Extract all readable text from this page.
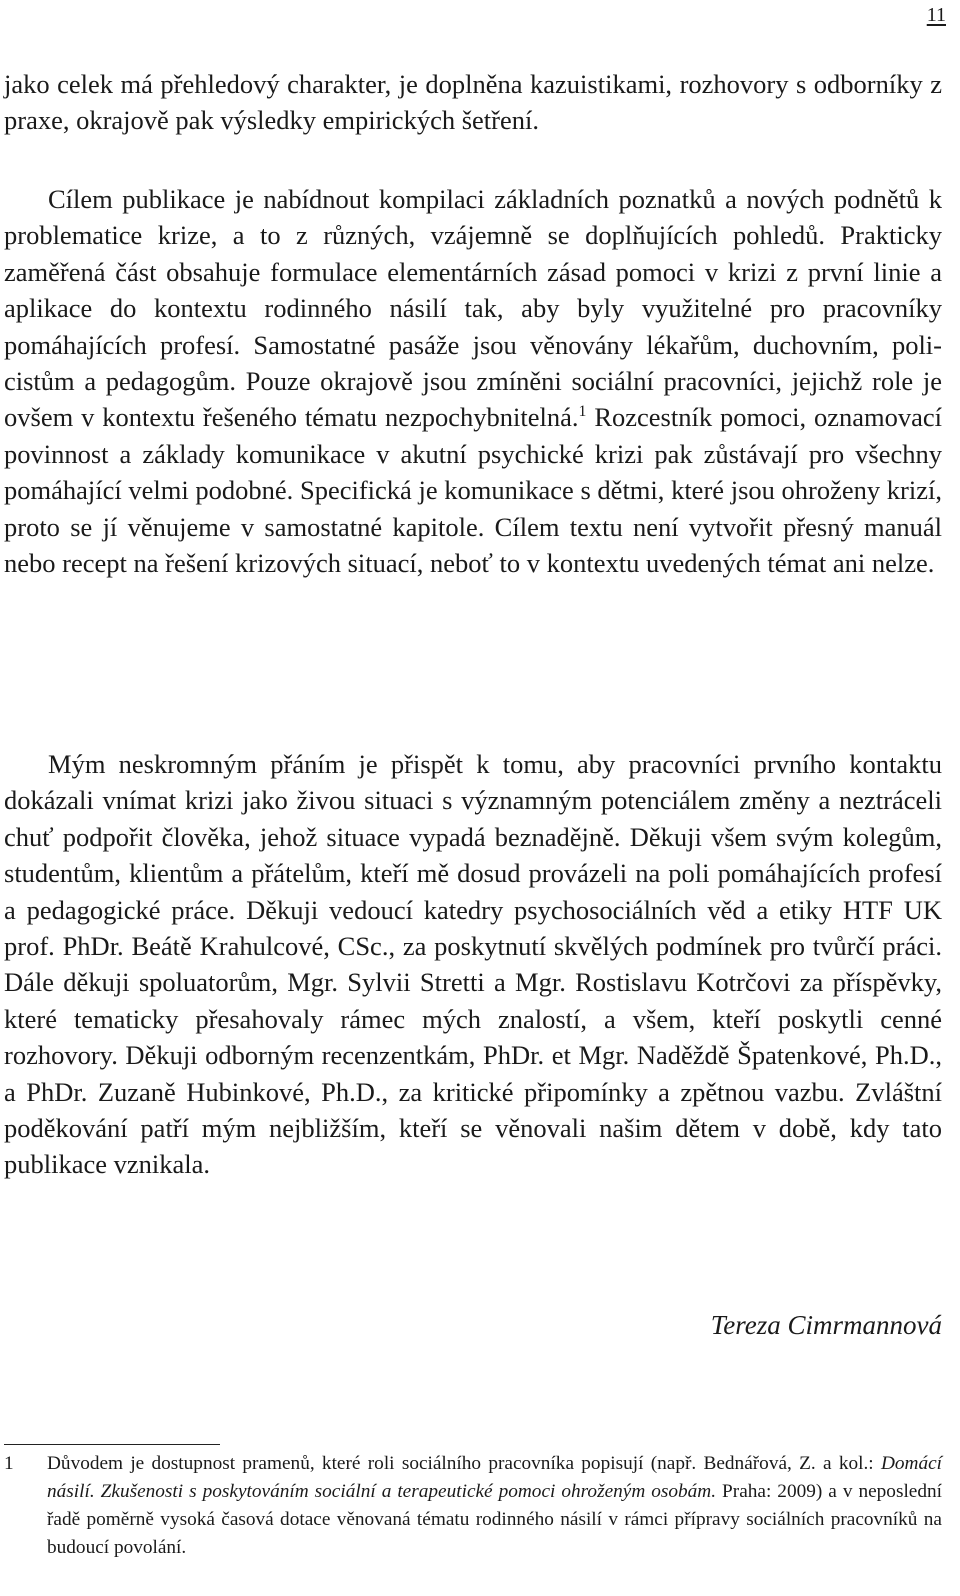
11

jako celek má přehledový charakter, je doplněna kazuistikami, rozhovory s odborníky z praxe, okrajově pak výsledky empirických šetření.

Cílem publikace je nabídnout kompilaci základních poznatků a nových podnětů k problematice krize, a to z různých, vzájemně se doplňujících pohledů. Prakticky zaměřená část obsahuje formulace elementárních zásad pomoci v krizi z první linie a aplikace do kontextu rodinného násilí tak, aby byly využitelné pro pracovníky pomáhajících profesí. Samostatné pasáže jsou věnovány lékařům, duchovním, policistům a pedagogům. Pouze okrajově jsou zmíněni sociální pracovníci, jejichž role je ovšem v kontextu řešeného tématu nezpochybnitelná.$^1$ Rozcestník pomoci, oznamovací povinnost a základy komunikace v akutní psychické krizi pak zůstávají pro všechny pomáhající velmi podobné. Specifická je komunikace s dětmi, které jsou ohroženy krizí, proto se jí věnujeme v samostatné kapitole. Cílem textu není vytvořit přesný manuál nebo recept na řešení krizových situací, neboť to v kontextu uvedených témat ani nelze.

Mým neskromným přáním je přispět k tomu, aby pracovníci prvního kontaktu dokázali vnímat krizi jako živou situaci s významným potenciálem změny a neztráceli chuť podpořit člověka, jehož situace vypadá beznadějně. Děkuji všem svým kolegům, studentům, klientům a přátelům, kteří mě dosud provázeli na poli pomáhajících profesí a pedagogické práce. Děkuji vedoucí katedry psychosociálních věd a etiky HTF UK prof. PhDr. Beátě Krahulcové, CSc., za poskytnutí skvělých podmínek pro tvůrčí práci. Dále děkuji spoluatorům, Mgr. Sylvii Stretti a Mgr. Rostislavu Kotrčovi za příspěvky, které tematicky přesahovaly rámec mých znalostí, a všem, kteří poskytli cenné rozhovory. Děkuji odborným recenzentkám, PhDr. et Mgr. Naděždě Špatenkové, Ph.D., a PhDr. Zuzaně Hubinkové, Ph.D., za kritické připomínky a zpětnou vazbu. Zvláštní poděkování patří mým nejbližším, kteří se věnovali našim dětem v době, kdy tato publikace vznikala.

Tereza Cimrmannová
1 Důvodem je dostupnost pramenů, které roli sociálního pracovníka popisují (např. Bednářová, Z. a kol.: Domácí násilí. Zkušenosti s poskytováním sociální a terapeutické pomoci ohroženým osobám. Praha: 2009) a v neposlední řadě poměrně vysoká časová dotace věnovaná tématu rodinného násilí v rámci přípravy sociálních pracovníků na budoucí povolání.
